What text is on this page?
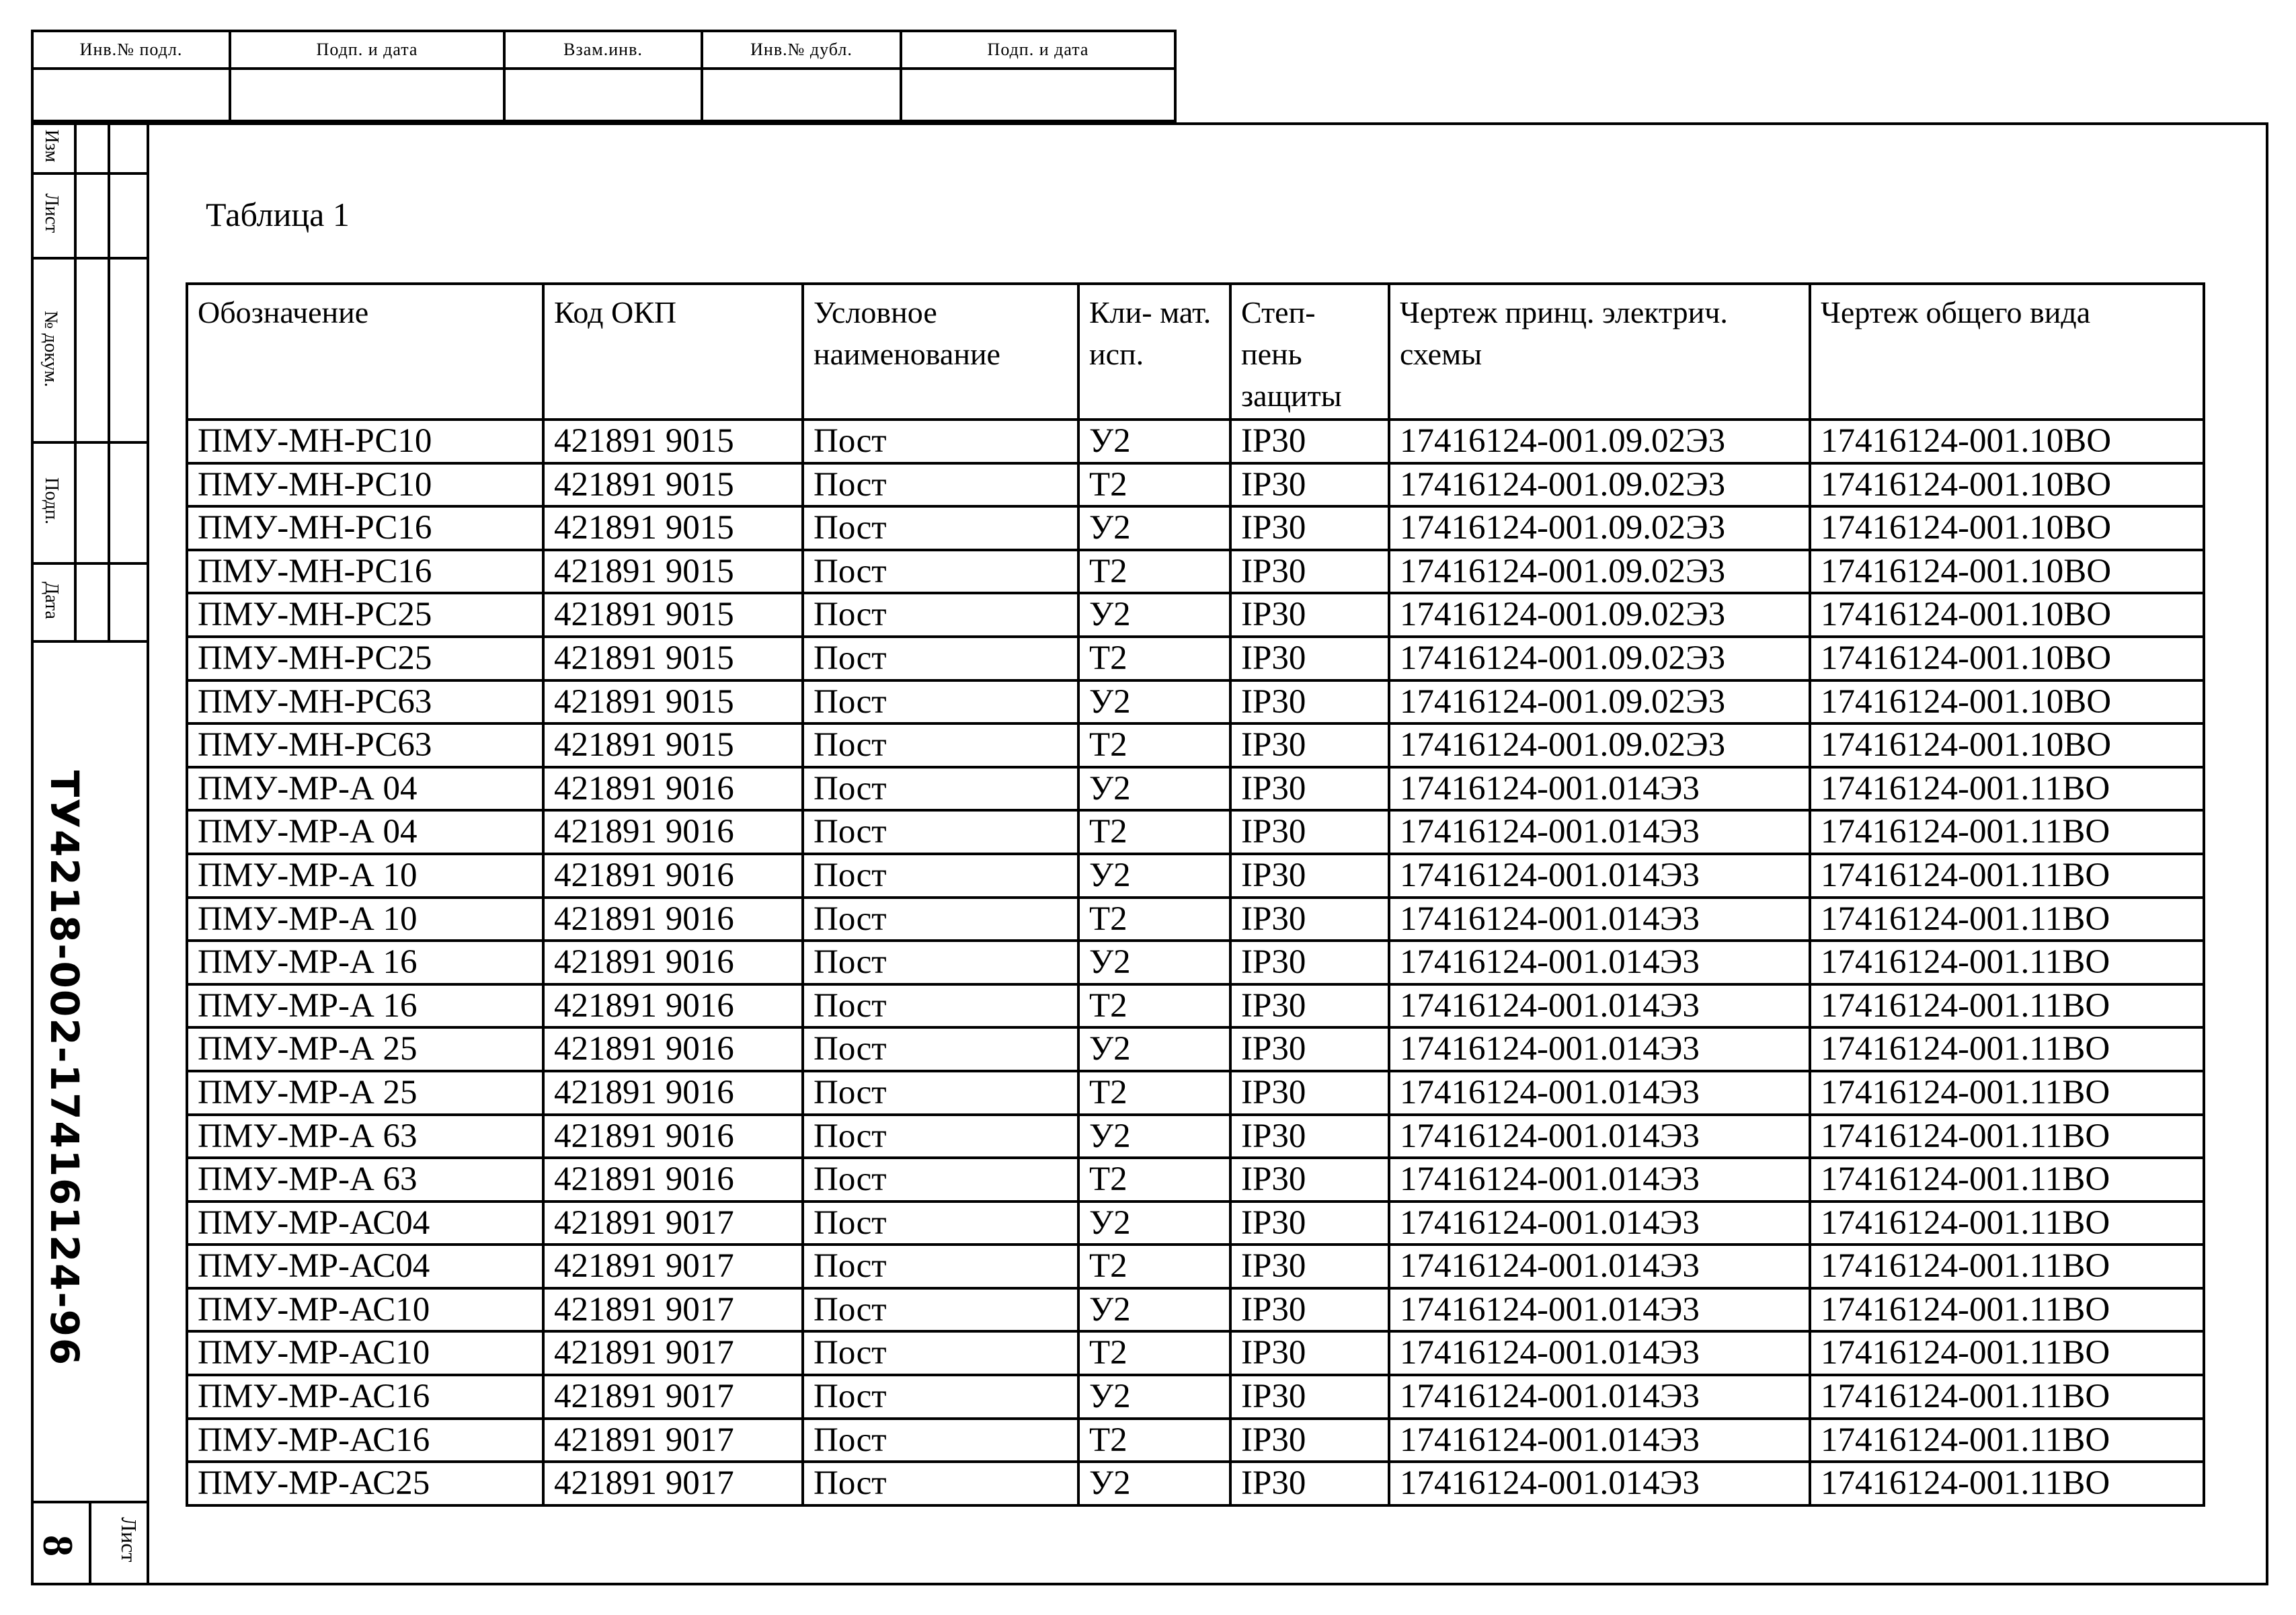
Инв.№ подл.	Подп. и дата	Взам.инв.	Инв.№ дубл.	Подп. и дата

Изм
Лист
№ докум.
Подп.
Дата
ТУ4218-002-17416124-96
Лист
8
Таблица 1
Обозначение	Код ОКП	Условное наименование	Кли- мат. исп.	Степ- пень защиты	Чертеж принц. электрич. схемы	Чертеж общего вида
ПМУ-МН-РС10	421891 9015	Пост	У2	IP30	17416124-001.09.02Э3	17416124-001.10ВО
ПМУ-МН-РС10	421891 9015	Пост	Т2	IP30	17416124-001.09.02Э3	17416124-001.10ВО
ПМУ-МН-РС16	421891 9015	Пост	У2	IP30	17416124-001.09.02Э3	17416124-001.10ВО
ПМУ-МН-РС16	421891 9015	Пост	Т2	IP30	17416124-001.09.02Э3	17416124-001.10ВО
ПМУ-МН-РС25	421891 9015	Пост	У2	IP30	17416124-001.09.02Э3	17416124-001.10ВО
ПМУ-МН-РС25	421891 9015	Пост	Т2	IP30	17416124-001.09.02Э3	17416124-001.10ВО
ПМУ-МН-РС63	421891 9015	Пост	У2	IP30	17416124-001.09.02Э3	17416124-001.10ВО
ПМУ-МН-РС63	421891 9015	Пост	Т2	IP30	17416124-001.09.02Э3	17416124-001.10ВО
ПМУ-МР-А 04	421891 9016	Пост	У2	IP30	17416124-001.014Э3	17416124-001.11ВО
ПМУ-МР-А 04	421891 9016	Пост	Т2	IP30	17416124-001.014Э3	17416124-001.11ВО
ПМУ-МР-А 10	421891 9016	Пост	У2	IP30	17416124-001.014Э3	17416124-001.11ВО
ПМУ-МР-А 10	421891 9016	Пост	Т2	IP30	17416124-001.014Э3	17416124-001.11ВО
ПМУ-МР-А 16	421891 9016	Пост	У2	IP30	17416124-001.014Э3	17416124-001.11ВО
ПМУ-МР-А 16	421891 9016	Пост	Т2	IP30	17416124-001.014Э3	17416124-001.11ВО
ПМУ-МР-А 25	421891 9016	Пост	У2	IP30	17416124-001.014Э3	17416124-001.11ВО
ПМУ-МР-А 25	421891 9016	Пост	Т2	IP30	17416124-001.014Э3	17416124-001.11ВО
ПМУ-МР-А 63	421891 9016	Пост	У2	IP30	17416124-001.014Э3	17416124-001.11ВО
ПМУ-МР-А 63	421891 9016	Пост	Т2	IP30	17416124-001.014Э3	17416124-001.11ВО
ПМУ-МР-АС04	421891 9017	Пост	У2	IP30	17416124-001.014Э3	17416124-001.11ВО
ПМУ-МР-АС04	421891 9017	Пост	Т2	IP30	17416124-001.014Э3	17416124-001.11ВО
ПМУ-МР-АС10	421891 9017	Пост	У2	IP30	17416124-001.014Э3	17416124-001.11ВО
ПМУ-МР-АС10	421891 9017	Пост	Т2	IP30	17416124-001.014Э3	17416124-001.11ВО
ПМУ-МР-АС16	421891 9017	Пост	У2	IP30	17416124-001.014Э3	17416124-001.11ВО
ПМУ-МР-АС16	421891 9017	Пост	Т2	IP30	17416124-001.014Э3	17416124-001.11ВО
ПМУ-МР-АС25	421891 9017	Пост	У2	IP30	17416124-001.014Э3	17416124-001.11ВО
